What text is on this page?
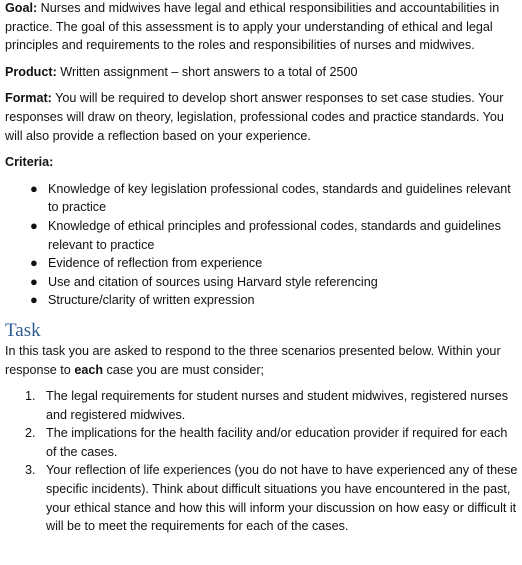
Goal: Nurses and midwives have legal and ethical responsibilities and accountabilities in practice. The goal of this assessment is to apply your understanding of ethical and legal principles and requirements to the roles and responsibilities of nurses and midwives.

Product: Written assignment – short answers to a total of 2500

Format: You will be required to develop short answer responses to set case studies. Your responses will draw on theory, legislation, professional codes and practice standards. You will also provide a reflection based on your experience.

Criteria:

● Knowledge of key legislation professional codes, standards and guidelines relevant to practice
● Knowledge of ethical principles and professional codes, standards and guidelines relevant to practice
● Evidence of reflection from experience
● Use and citation of sources using Harvard style referencing
● Structure/clarity of written expression
Task

In this task you are asked to respond to the three scenarios presented below. Within your response to each case you are must consider;

1. The legal requirements for student nurses and student midwives, registered nurses and registered midwives.
2. The implications for the health facility and/or education provider if required for each of the cases.
3. Your reflection of life experiences (you do not have to have experienced any of these specific incidents). Think about difficult situations you have encountered in the past, your ethical stance and how this will inform your discussion on how easy or difficult it will be to meet the requirements for each of the cases.
